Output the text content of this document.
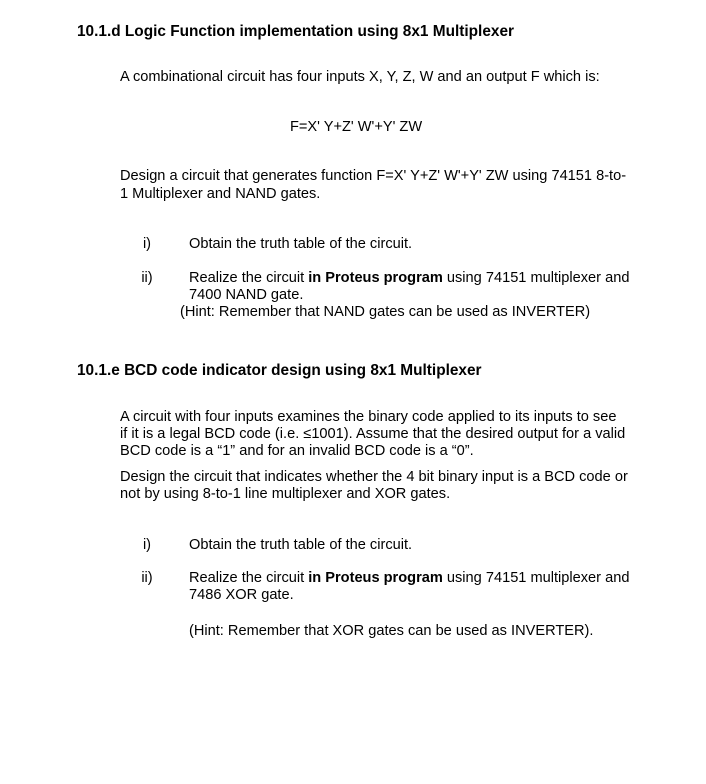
10.1.d Logic Function implementation using 8x1 Multiplexer
A combinational circuit has four inputs X, Y, Z, W and an output F which is:
F=X' Y+Z' W'+Y' ZW
Design a circuit that generates function F=X' Y+Z' W'+Y' ZW using 74151 8-to-
1 Multiplexer and NAND gates.
i)	Obtain the truth table of the circuit.
ii) Realize the circuit in Proteus program using 74151 multiplexer and
7400 NAND gate.
(Hint: Remember that NAND gates can be used as INVERTER)
10.1.e BCD code indicator design using 8x1 Multiplexer
A circuit with four inputs examines the binary code applied to its inputs to see
if it is a legal BCD code (i.e. ≤1001). Assume that the desired output for a valid
BCD code is a “1” and for an invalid BCD code is a “0”.
Design the circuit that indicates whether the 4 bit binary input is a BCD code or
not by using 8-to-1 line multiplexer and XOR gates.
i)	Obtain the truth table of the circuit.
ii) Realize the circuit in Proteus program using 74151 multiplexer and
7486 XOR gate.
(Hint: Remember that XOR gates can be used as INVERTER).
